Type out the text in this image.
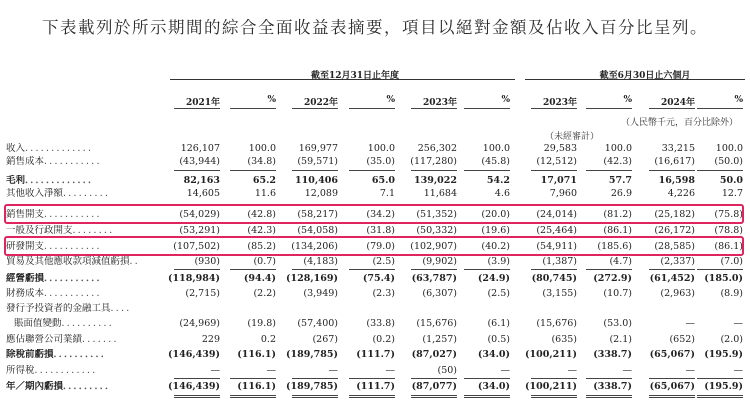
下表載列於所示期間的綜合全面收益表摘要，項目以絕對金額及佔收入百分比呈列。
截至12月31日止年度	截至6月30日止六個月
2021年	%	2022年	%	2023年	%	2023年	%	2024年	%
（人民幣千元，百分比除外）
（未經審計）
收入．．．．．．．．．．．．．	126,107	100.0	169,977	100.0	256,302	100.0	29,583	100.0	33,215	100.0
銷售成本．．．．．．．．．．．	(43,944)	(34.8)	(59,571)	(35.0)	(117,280)	(45.8)	(12,512)	(42.3)	(16,617)	(50.0)
毛利．．．．．．．．．．．．．	82,163	65.2	110,406	65.0	139,022	54.2	17,071	57.7	16,598	50.0
其他收入淨額．．．．．．．．．	14,605	11.6	12,089	7.1	11,684	4.6	7,960	26.9	4,226	12.7
銷售開支．．．．．．．．．．．	(54,029)	(42.8)	(58,217)	(34.2)	(51,352)	(20.0)	(24,014)	(81.2)	(25,182)	(75.8)
一般及行政開支．．．．．．．．	(53,291)	(42.3)	(54,058)	(31.8)	(50,332)	(19.6)	(25,464)	(86.1)	(26,172)	(78.8)
研發開支．．．．．．．．．．．	(107,502)	(85.2)	(134,206)	(79.0)	(102,907)	(40.2)	(54,911)	(185.6)	(28,585)	(86.1)
貿易及其他應收款項減值虧損．．	(930)	(0.7)	(4,183)	(2.5)	(9,902)	(3.9)	(1,387)	(4.7)	(2,337)	(7.0)
經營虧損．．．．．．．．．．．	(118,984)	(94.4)	(128,169)	(75.4)	(63,787)	(24.9)	(80,745)	(272.9)	(61,452) (185.0)
財務成本．．．．．．．．．．．	(2,715)	(2.2)	(3,949)	(2.3)	(6,307)	(2.5)	(3,155)	(10.7)	(2,963)	(8.9)
發行予投資者的金融工具．．．．
賬面值變動．．．．．．．．．．	(24,969)	(19.8)	(57,400)	(33.8)	(15,676)	(6.1)	(15,676)	(53.0)	—	—
應佔聯營公司業績．．．．．．．	229	0.2	(267)	(0.2)	(1,257)	(0.5)	(635)	(2.1)	(652)	(2.0)
除稅前虧損．．．．．．．．．．	(146,439)	(116.1)	(189,785)	(111.7)	(87,027)	(34.0)	(100,211)	(338.7)	(65,067) (195.9)
所得稅．．．．．．．．．．．．	—	—	—	—	(50)	—	—	—	—	—
年／期內虧損．．．．．．．．．	(146,439)	(116.1)	(189,785)	(111.7)	(87,077)	(34.0)	(100,211)	(338.7)	(65,067) (195.9)
